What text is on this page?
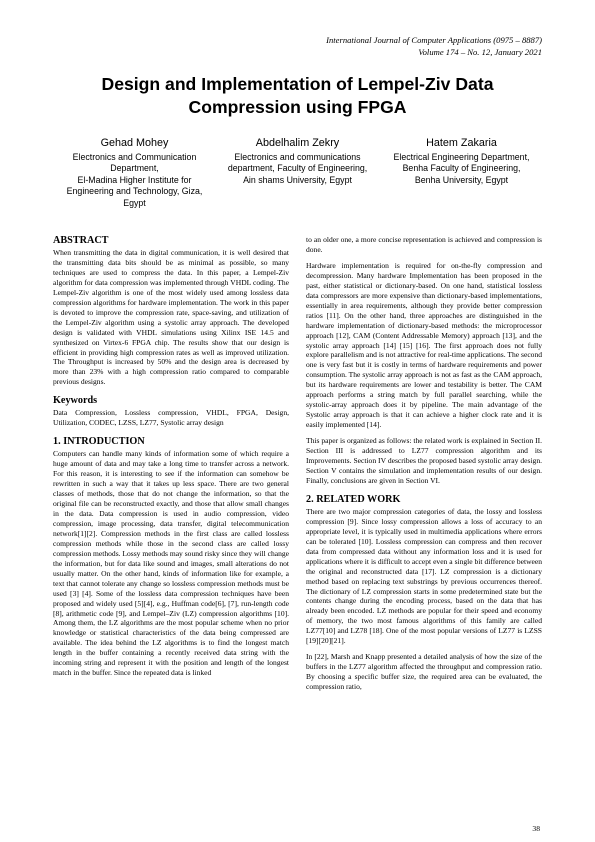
International Journal of Computer Applications (0975 – 8887)
Volume 174 – No. 12, January 2021
Design and Implementation of Lempel-Ziv Data
Compression using FPGA
Gehad Mohey
Electronics and Communication
Department,
El-Madina Higher Institute for
Engineering and Technology, Giza,
Egypt
Abdelhalim Zekry
Electronics and communications
department, Faculty of Engineering,
Ain shams University, Egypt
Hatem Zakaria
Electrical Engineering Department,
Benha Faculty of Engineering,
Benha University, Egypt
ABSTRACT

When transmitting the data in digital communication, it is well desired that the transmitting data bits should be as minimal as possible, so many techniques are used to compress the data. In this paper, a Lempel-Ziv algorithm for data compression was implemented through VHDL coding. The Lempel-Ziv algorithm is one of the most widely used among lossless data compression algorithms for hardware implementation. The work in this paper is devoted to improve the compression rate, space-saving, and utilization of the Lempel-Ziv algorithm using a systolic array approach. The developed design is validated with VHDL simulations using Xilinx ISE 14.5 and synthesized on Virtex-6 FPGA chip. The results show that our design is efficient in providing high compression rates as well as improved utilization. The Throughput is increased by 50% and the design area is decreased by more than 23% with a high compression ratio compared to comparable previous designs.

Keywords

Data Compression, Lossless compression, VHDL, FPGA, Design, Utilization, CODEC, LZSS, LZ77, Systolic array design

1. INTRODUCTION

Computers can handle many kinds of information some of which require a huge amount of data and may take a long time to transfer across a network. For this reason, it is interesting to see if the information can somehow be rewritten in such a way that it takes up less space. There are two general classes of methods, those that do not change the information, so that the original file can be reconstructed exactly, and those that allow small changes in the data. Data compression is used in audio compression, video compression, image processing, data transfer, digital telecommunication network[1][2]. Compression methods in the first class are called lossless compression methods while those in the second class are called lossy compression methods. Lossy methods may sound risky since they will change the information, but for data like sound and images, small alterations do not usually matter. On the other hand, kinds of information like for example, a text that cannot tolerate any change so lossless compression methods must be used [3] [4]. Some of the lossless data compression techniques have been proposed and widely used [5][4], e.g., Huffman code[6], [7], run-length code [8], arithmetic code [9], and Lempel–Ziv (LZ) compression algorithms [10]. Among them, the LZ algorithms are the most popular scheme when no prior knowledge or statistical characteristics of the data being compressed are available. The idea behind the LZ algorithms is to find the longest match length in the buffer containing a recently received data string with the incoming string and represent it with the position and length of the longest match in the buffer. Since the repeated data is linked

to an older one, a more concise representation is achieved and compression is done.

Hardware implementation is required for on-the-fly compression and decompression. Many hardware Implementation has been proposed in the past, either statistical or dictionary-based. On one hand, statistical lossless data compressors are more expensive than dictionary-based implementations, essentially in area requirements, although they provide better compression ratios [11]. On the other hand, three approaches are distinguished in the hardware implementation of dictionary-based methods: the microprocessor approach [12], CAM (Content Addressable Memory) approach [13], and the systolic array approach [14] [15] [16]. The first approach does not fully explore parallelism and is not attractive for real-time applications. The second one is very fast but it is costly in terms of hardware requirements and power consumption. The systolic array approach is not as fast as the CAM approach, but its hardware requirements are lower and testability is better. The CAM approach performs a string match by full parallel searching, while the systolic-array approach does it by pipeline. The main advantage of the Systolic array approach is that it can achieve a higher clock rate and it is easily implemented [14].

This paper is organized as follows: the related work is explained in Section II. Section III is addressed to LZ77 compression algorithm and its Improvements. Section IV describes the proposed based systolic array design. Section V contains the simulation and implementation results of our design. Finally, conclusions are given in Section VI.

2. RELATED WORK

There are two major compression categories of data, the lossy and lossless compression [9]. Since lossy compression allows a loss of accuracy to an appropriate level, it is typically used in multimedia applications where errors can be tolerated [10]. Lossless compression can compress and then recover data from compressed data without any information loss and it is used for applications where it is difficult to accept even a single bit difference between the original and reconstructed data [17]. LZ compression is a dictionary method based on replacing text substrings by previous occurrences thereof. The dictionary of LZ compression starts in some predetermined state but the contents change during the encoding process, based on the data that has already been encoded. LZ methods are popular for their speed and economy of memory, the two most famous algorithms of this family are called LZ77[10] and LZ78 [18]. One of the most popular versions of LZ77 is LZSS [19][20][21].

In [22], Marsh and Knapp presented a detailed analysis of how the size of the buffers in the LZ77 algorithm affected the throughput and compression ratio. By choosing a specific buffer size, the required area can be evaluated, the compression ratio,

38
